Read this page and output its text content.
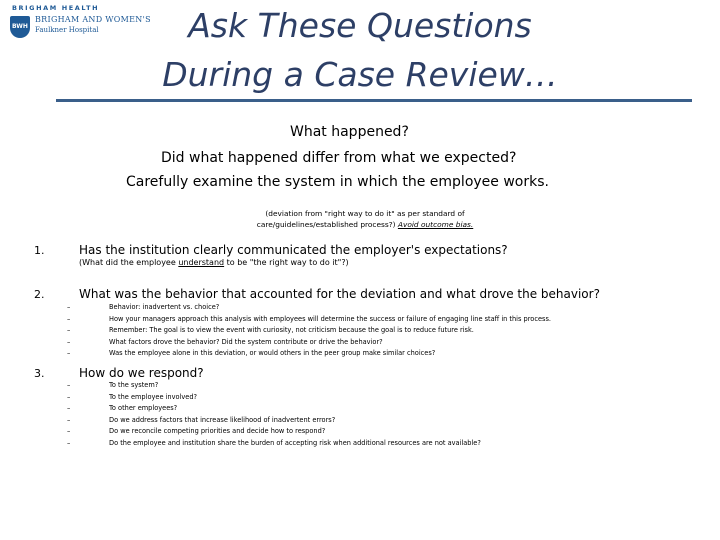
BRIGHAM HEALTH
BWH
BRIGHAM AND WOMEN'S
Faulkner Hospital	Ask These Questions
During a Case Review…
What happened?
Did what happened differ from what we expected?
Carefully examine the system in which the employee works.
(deviation from "right way to do it" as per standard of care/guidelines/established process?) Avoid outcome bias.
1.	Has the institution clearly communicated the employer's expectations?
(What did the employee understand to be "the right way to do it"?)
2.	What was the behavior that accounted for the deviation and what drove the behavior?
–	Behavior: inadvertent vs. choice?
–	How your managers approach this analysis with employees will determine the success or failure of engaging line staff in this process.
–	Remember: The goal is to view the event with curiosity, not criticism because the goal is to reduce future risk.
–	What factors drove the behavior? Did the system contribute or drive the behavior?
–	Was the employee alone in this deviation, or would others in the peer group make similar choices?
3.	How do we respond?
–	To the system?
–	To the employee involved?
–	To other employees?
–	Do we address factors that increase likelihood of inadvertent errors?
–	Do we reconcile competing priorities and decide how to respond?
–	Do the employee and institution share the burden of accepting risk when additional resources are not available?
